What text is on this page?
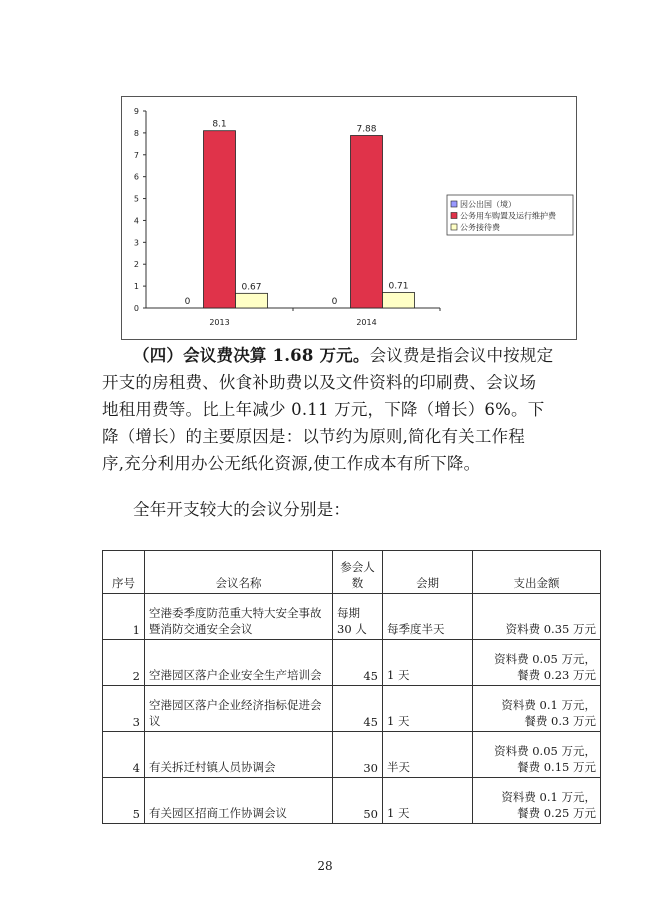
0
1
2
3
4
5
6
7
8
9
0
8.1
0.67
2013
0
7.88
0.71
2014
因公出国（境）
公务用车购置及运行维护费
公务接待费
（四）会议费决算 1.68 万元。会议费是指会议中按规定
开支的房租费、伙食补助费以及文件资料的印刷费、会议场
地租用费等。比上年减少 0.11 万元，下降（增长）6%。下
降（增长）的主要原因是：以节约为原则,简化有关工作程
序,充分利用办公无纸化资源,使工作成本有所下降。
全年开支较大的会议分别是：
序号	会议名称	参会人数	会期	支出金额
1	空港委季度防范重大特大安全事故暨消防交通安全会议	每期 30 人	每季度半天	资料费 0.35 万元
2	空港园区落户企业安全生产培训会	45	1 天	资料费 0.05 万元，
餐费 0.23 万元
3	空港园区落户企业经济指标促进会议	45	1 天	资料费 0.1 万元，
餐费 0.3 万元
4	有关拆迁村镇人员协调会	30	半天	资料费 0.05 万元，
餐费 0.15 万元
5	有关园区招商工作协调会议	50	1 天	资料费 0.1 万元，
餐费 0.25 万元
28
